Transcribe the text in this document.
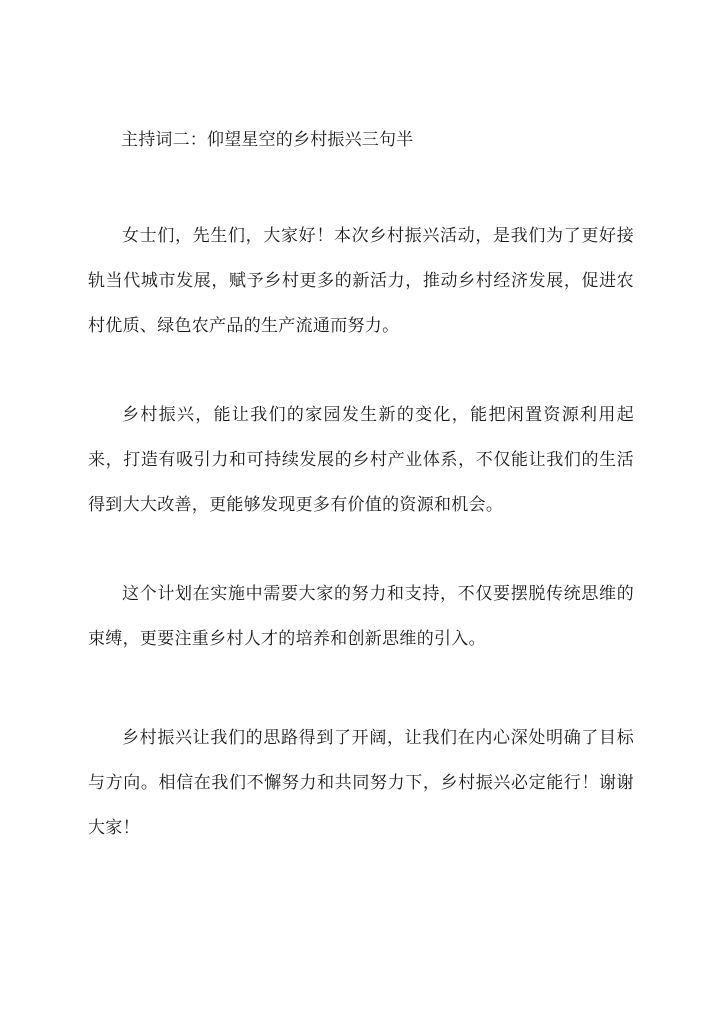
主持词二：仰望星空的乡村振兴三句半

女士们，先生们，大家好！本次乡村振兴活动，是我们为了更好接轨当代城市发展，赋予乡村更多的新活力，推动乡村经济发展，促进农村优质、绿色农产品的生产流通而努力。

乡村振兴，能让我们的家园发生新的变化，能把闲置资源利用起来，打造有吸引力和可持续发展的乡村产业体系，不仅能让我们的生活得到大大改善，更能够发现更多有价值的资源和机会。

这个计划在实施中需要大家的努力和支持，不仅要摆脱传统思维的束缚，更要注重乡村人才的培养和创新思维的引入。

乡村振兴让我们的思路得到了开阔，让我们在内心深处明确了目标与方向。相信在我们不懈努力和共同努力下，乡村振兴必定能行！谢谢大家！
